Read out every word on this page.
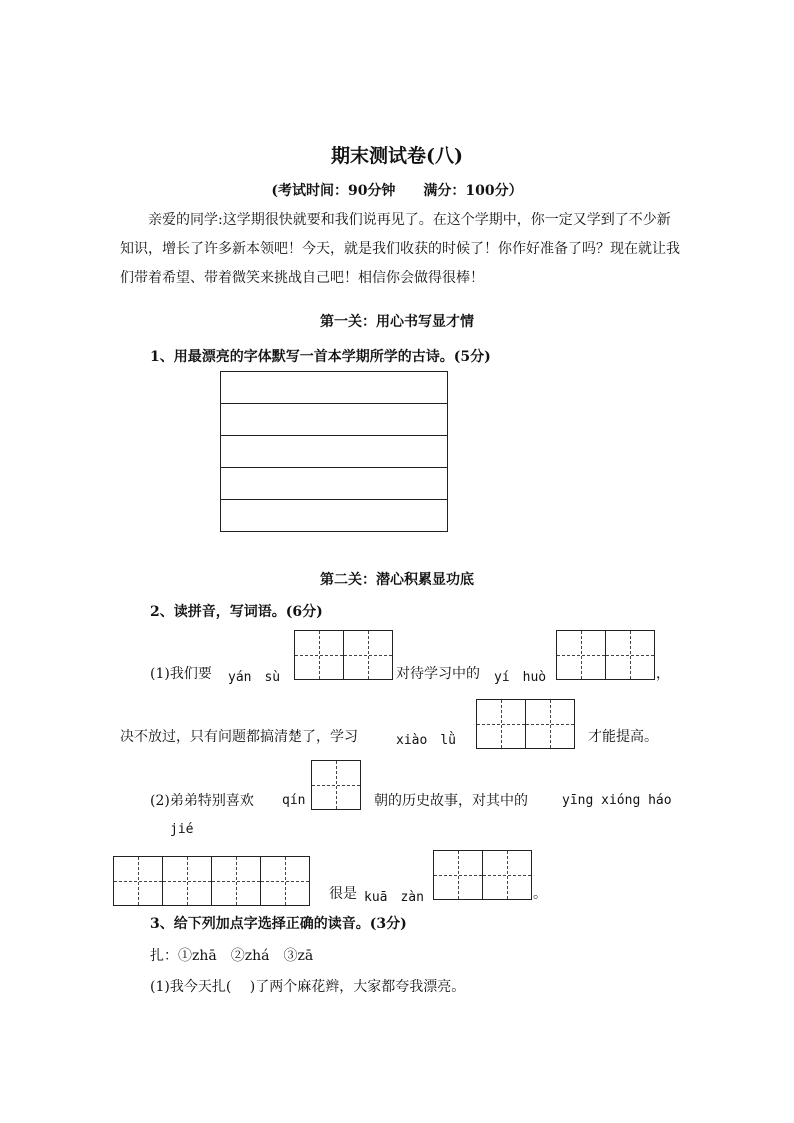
期末测试卷(八)
(考试时间：90分钟　　满分：100分）
亲爱的同学:这学期很快就要和我们说再见了。在这个学期中，你一定又学到了不少新知识，增长了许多新本领吧！今天，就是我们收获的时候了！你作好准备了吗？现在就让我们带着希望、带着微笑来挑战自己吧！相信你会做得很棒！
第一关：用心书写显才情
1、用最漂亮的字体默写一首本学期所学的古诗。(5分)
第二关：潜心积累显功底
2、读拼音，写词语。(6分)
(1)我们要 yán　sù	对待学习中的 yí　huò	，
决不放过，只有问题都搞清楚了，学习	xiào　lǜ	才能提高。
(2)弟弟特别喜欢 qín	朝的历史故事，对其中的	yīng xióng háo
jié
很是 kuā　zàn	。
3、给下列加点字选择正确的读音。(3分)
扎：①zhā　②zhá　③zā
(1)我今天扎(　 )了两个麻花辫，大家都夸我漂亮。
